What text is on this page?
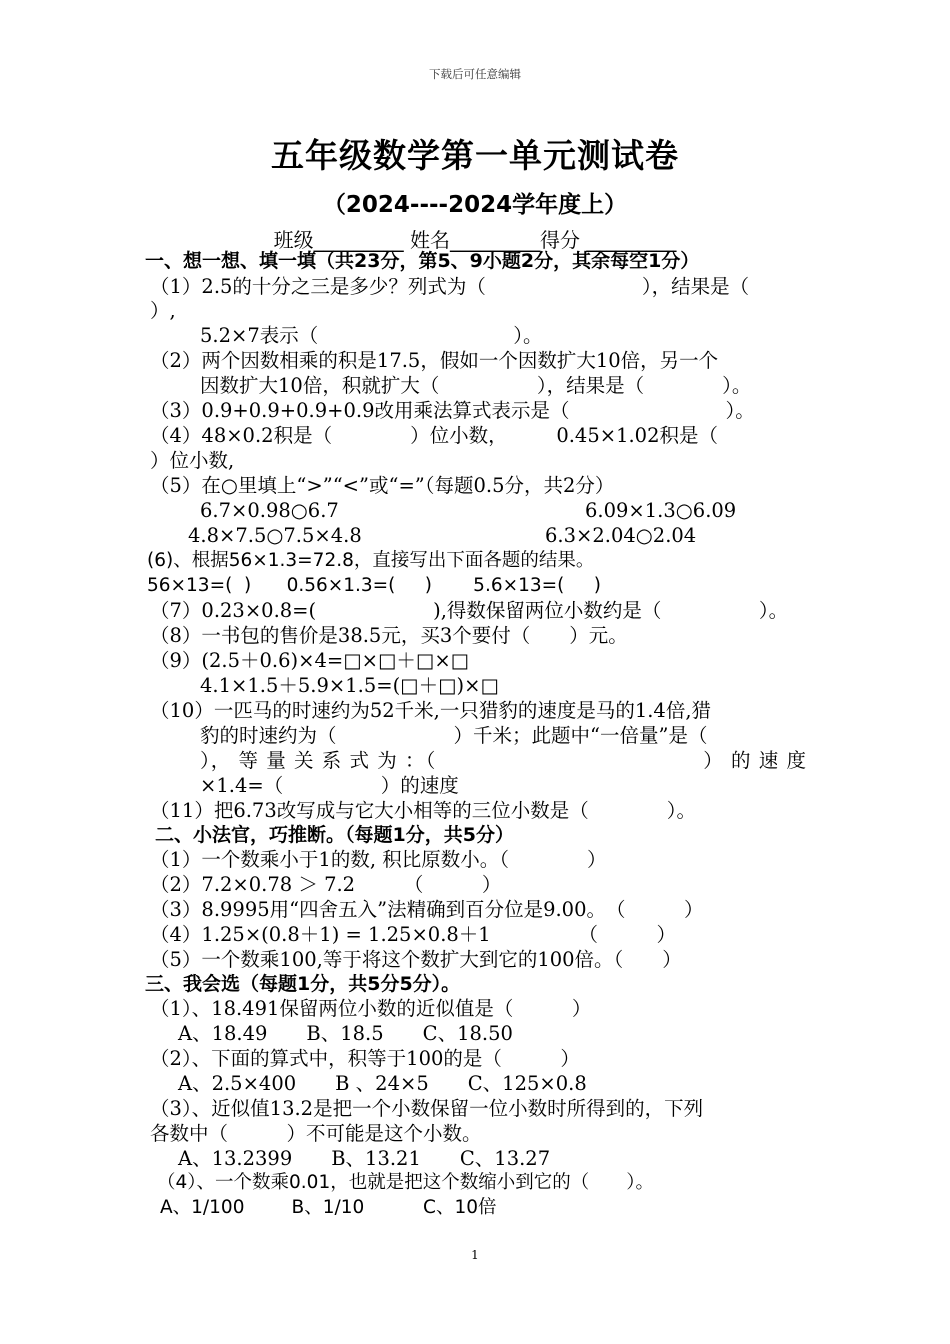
下载后可任意编辑
五年级数学第一单元测试卷
（2024----2024学年度上）
班级_________ 姓名_________得分 _________
一、想一想、填一填（共23分，第5、9小题2分，其余每空1分）
（1）2.5的十分之三是多少？列式为（　　　　　　　　），结果是（
）,
5.2×7表示（　　　　　　　　　　）。
（2）两个因数相乘的积是17.5，假如一个因数扩大10倍，另一个
因数扩大10倍，积就扩大（　　　　　），结果是（　　　　）。
（3）0.9+0.9+0.9+0.9改用乘法算式表示是（　　　　　　　　）。
（4）48×0.2积是（　　　　）位小数，　　　0.45×1.02积是（
）位小数,
（5）在○里填上“>”“<”或“=”（每题0.5分，共2分）
6.7×0.98○6.7	6.09×1.3○6.09
4.8×7.5○7.5×4.8	6.3×2.04○2.04
(6)、根据56×1.3=72.8，直接写出下面各题的结果。
56×13=(  )      0.56×1.3=(     )       5.6×13=(     )
（7）0.23×0.8=(　　　　　　),得数保留两位小数约是（　　　　　）。
（8）一书包的售价是38.5元，买3个要付（　　）元。
（9）(2.5＋0.6)×4=□×□＋□×□
4.1×1.5＋5.9×1.5=(□＋□)×□
（10）一匹马的时速约为52千米,一只猎豹的速度是马的1.4倍,猎
豹的时速约为（　　　　　　）千米；此题中“一倍量”是（
）， 等 量 关 系 式 为 ：（　　　　　　　　　　　　　） 的 速 度
×1.4=（　　　　　）的速度
（11）把6.73改写成与它大小相等的三位小数是（　　　　）。
二、小法官，巧推断。（每题1分，共5分）
（1）一个数乘小于1的数, 积比原数小。（　　　　）
（2）7.2×0.78 ＞ 7.2　　　（　　　）
（3）8.9995用“四舍五入”法精确到百分位是9.00。　（　　　）
（4）1.25×(0.8＋1) = 1.25×0.8＋1　　　　　（　　　）
（5）一个数乘100,等于将这个数扩大到它的100倍。（　　）
三、我会选（每题1分，共5分5分）。
（1）、18.491保留两位小数的近似值是（　　　）
A、18.49　　B、18.5　　C、18.50
（2）、下面的算式中，积等于100的是（　　　）
A、2.5×400　　B 、24×5　　C、125×0.8
（3）、近似值13.2是把一个小数保留一位小数时所得到的，下列
各数中（　　　）不可能是这个小数。
A、13.2399　　B、13.21　　C、13.27
（4）、一个数乘0.01，也就是把这个数缩小到它的（　　）。
A、1/100        B、1/10          C、10倍
1
